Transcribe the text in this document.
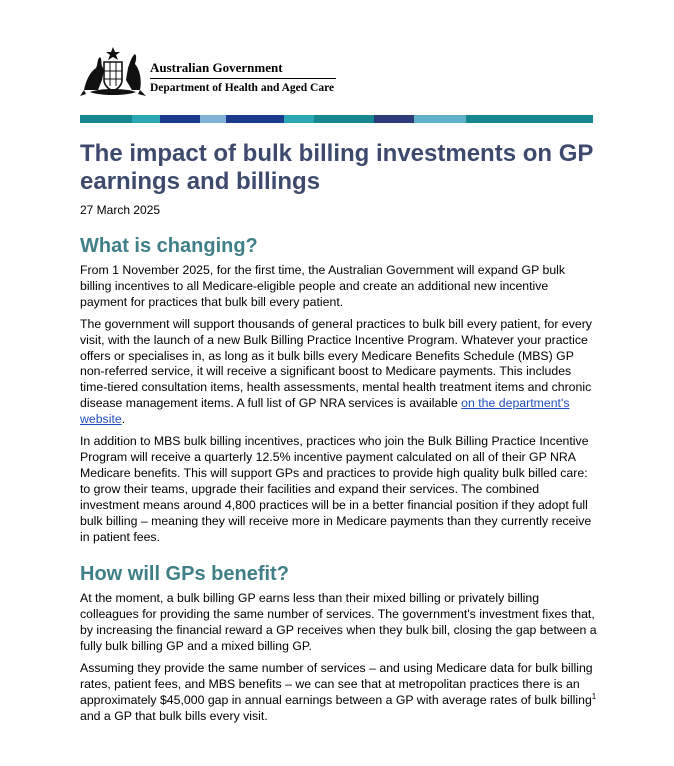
Australian Government
Department of Health and Aged Care
The impact of bulk billing investments on GP earnings and billings
27 March 2025
What is changing?

From 1 November 2025, for the first time, the Australian Government will expand GP bulk billing incentives to all Medicare-eligible people and create an additional new incentive payment for practices that bulk bill every patient.

The government will support thousands of general practices to bulk bill every patient, for every visit, with the launch of a new Bulk Billing Practice Incentive Program. Whatever your practice offers or specialises in, as long as it bulk bills every Medicare Benefits Schedule (MBS) GP non-referred service, it will receive a significant boost to Medicare payments. This includes time-tiered consultation items, health assessments, mental health treatment items and chronic disease management items. A full list of GP NRA services is available on the department's website.

In addition to MBS bulk billing incentives, practices who join the Bulk Billing Practice Incentive Program will receive a quarterly 12.5% incentive payment calculated on all of their GP NRA Medicare benefits. This will support GPs and practices to provide high quality bulk billed care: to grow their teams, upgrade their facilities and expand their services. The combined investment means around 4,800 practices will be in a better financial position if they adopt full bulk billing – meaning they will receive more in Medicare payments than they currently receive in patient fees.

How will GPs benefit?

At the moment, a bulk billing GP earns less than their mixed billing or privately billing colleagues for providing the same number of services. The government's investment fixes that, by increasing the financial reward a GP receives when they bulk bill, closing the gap between a fully bulk billing GP and a mixed billing GP.

Assuming they provide the same number of services – and using Medicare data for bulk billing rates, patient fees, and MBS benefits – we can see that at metropolitan practices there is an approximately $45,000 gap in annual earnings between a GP with average rates of bulk billing$^1$ and a GP that bulk bills every visit.
